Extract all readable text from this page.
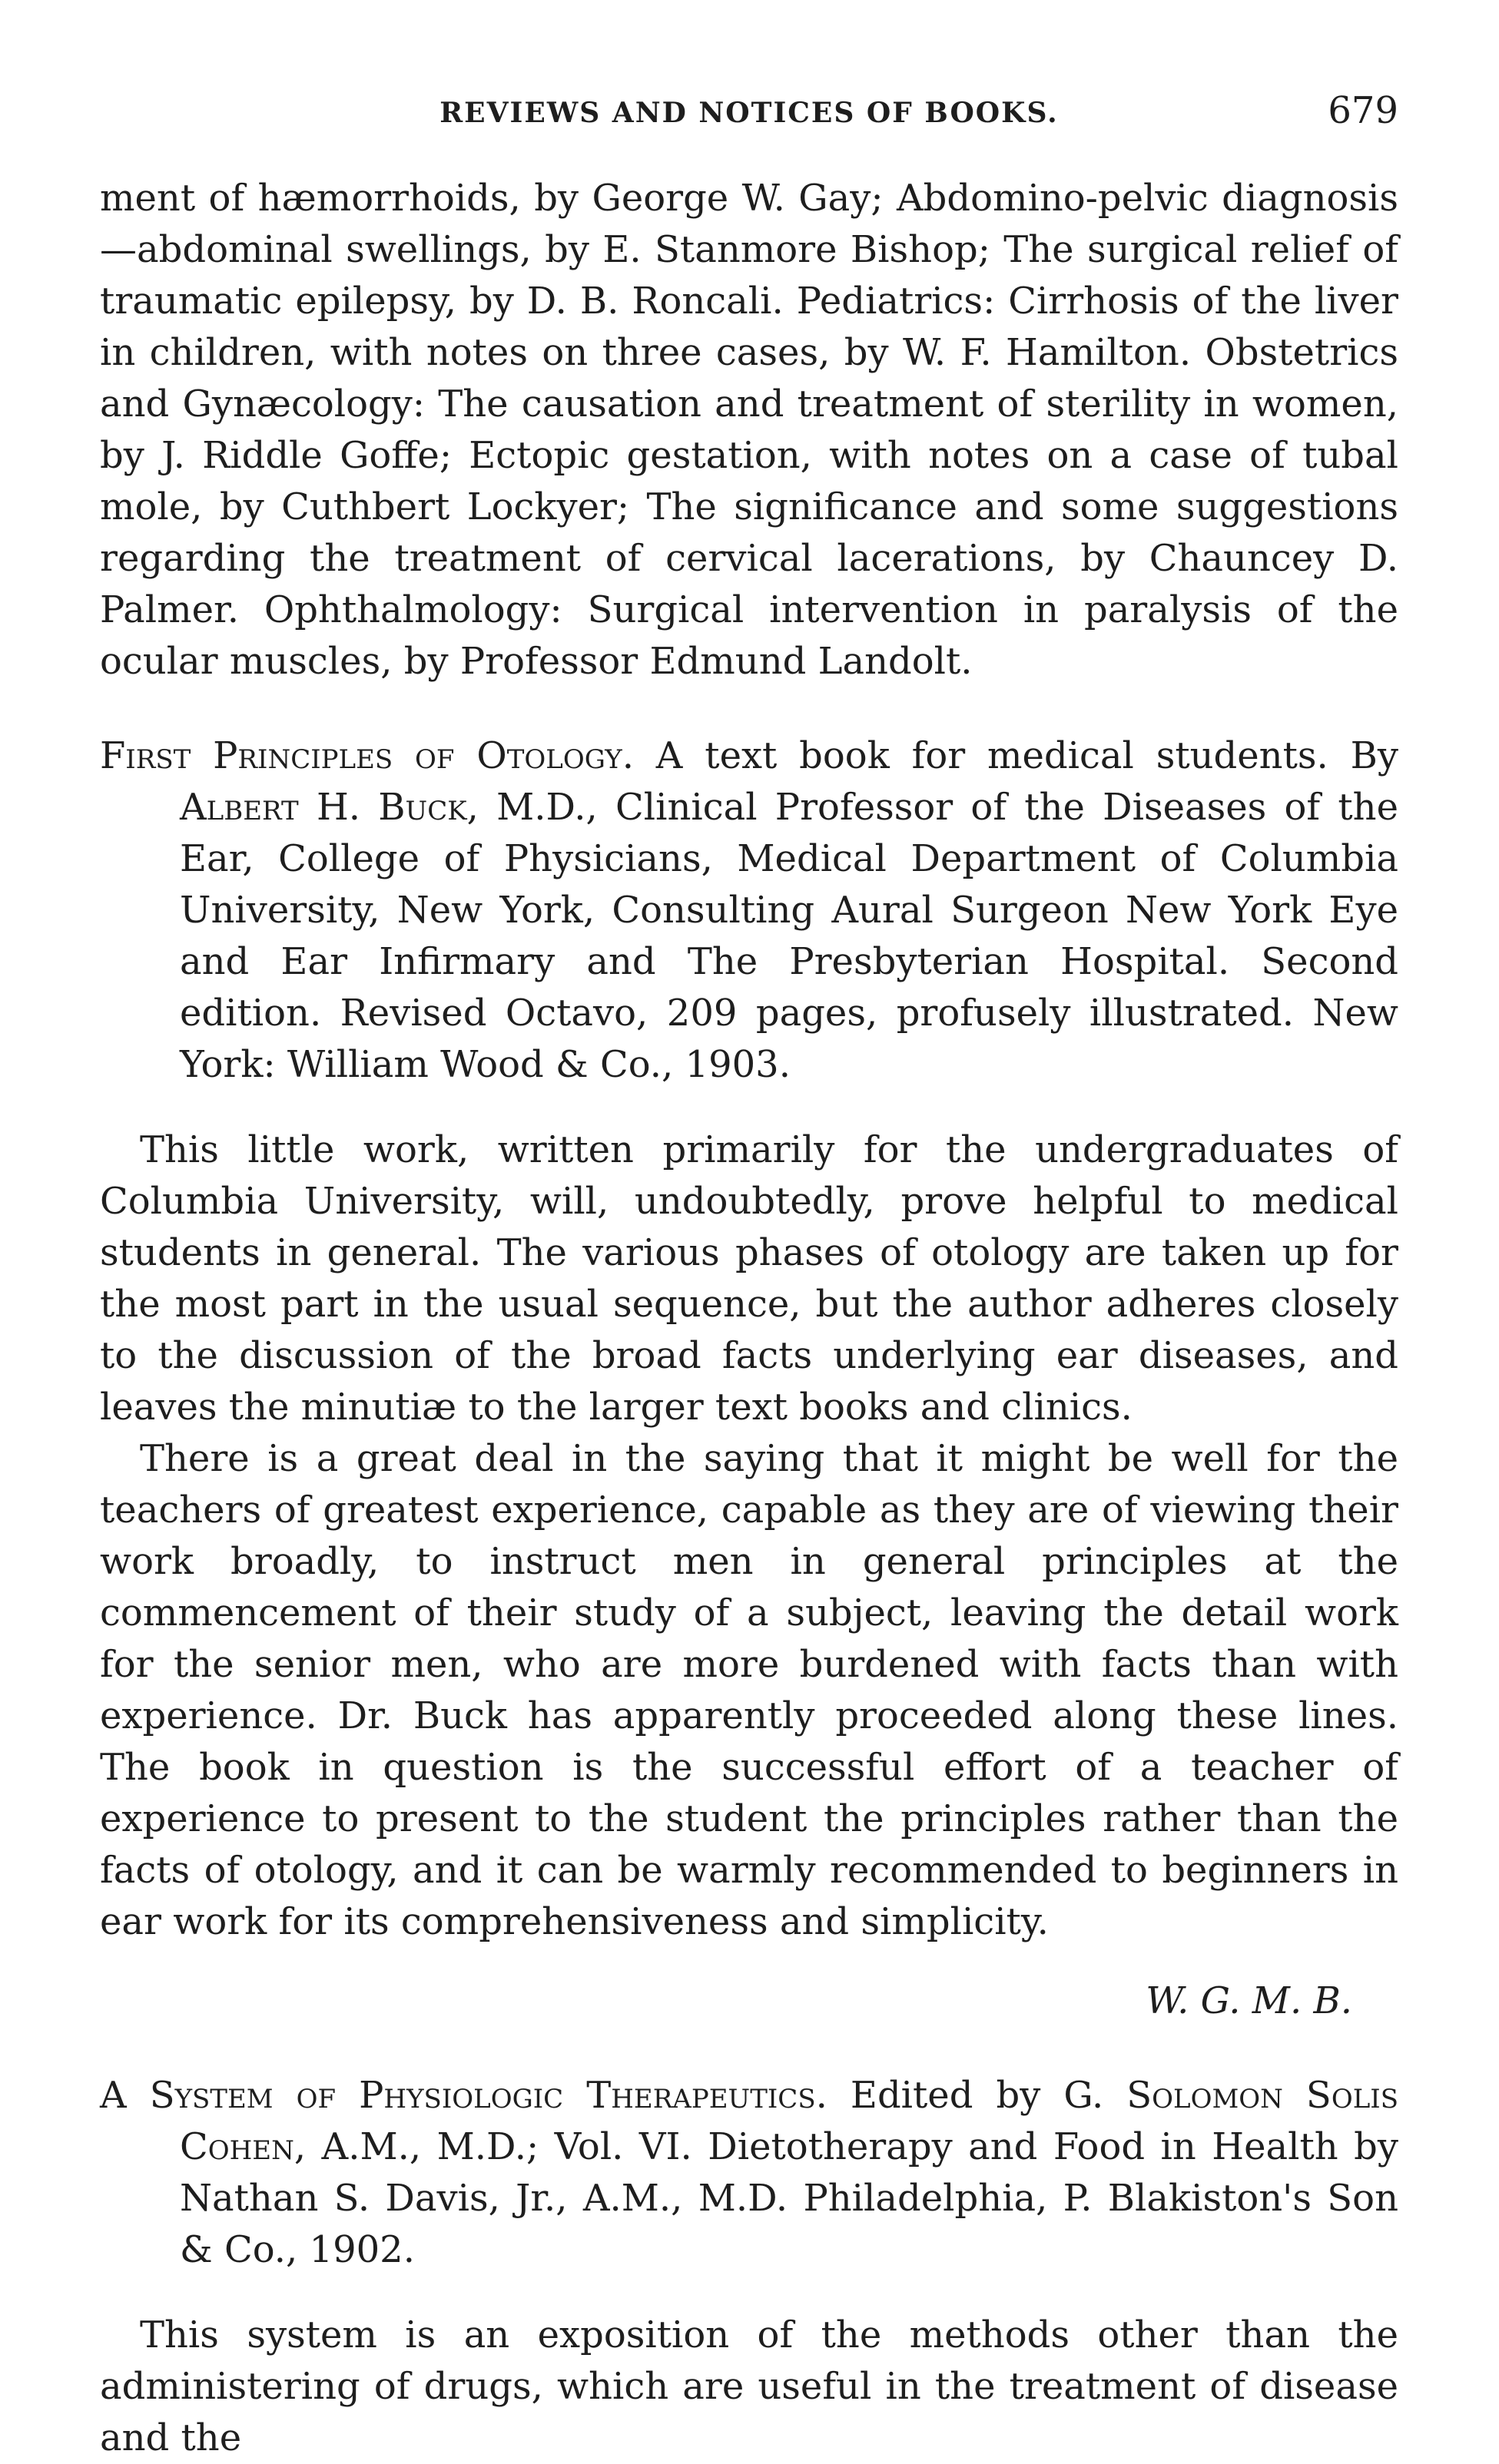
REVIEWS AND NOTICES OF BOOKS.	679

ment of hæmorrhoids, by George W. Gay; Abdomino-pelvic diagnosis—abdominal swellings, by E. Stanmore Bishop; The surgical relief of traumatic epilepsy, by D. B. Roncali. Pediatrics: Cirrhosis of the liver in children, with notes on three cases, by W. F. Hamilton. Obstetrics and Gynæcology: The causation and treatment of sterility in women, by J. Riddle Goffe; Ectopic gestation, with notes on a case of tubal mole, by Cuthbert Lockyer; The significance and some suggestions regarding the treatment of cervical lacerations, by Chauncey D. Palmer. Ophthalmology: Surgical intervention in paralysis of the ocular muscles, by Professor Edmund Landolt.

First Principles of Otology. A text book for medical students. By Albert H. Buck, M.D., Clinical Professor of the Diseases of the Ear, College of Physicians, Medical Department of Columbia University, New York, Consulting Aural Surgeon New York Eye and Ear Infirmary and The Presbyterian Hospital. Second edition. Revised Octavo, 209 pages, profusely illustrated. New York: William Wood & Co., 1903.

This little work, written primarily for the undergraduates of Columbia University, will, undoubtedly, prove helpful to medical students in general. The various phases of otology are taken up for the most part in the usual sequence, but the author adheres closely to the discussion of the broad facts underlying ear diseases, and leaves the minutiæ to the larger text books and clinics.

There is a great deal in the saying that it might be well for the teachers of greatest experience, capable as they are of viewing their work broadly, to instruct men in general principles at the commencement of their study of a subject, leaving the detail work for the senior men, who are more burdened with facts than with experience. Dr. Buck has apparently proceeded along these lines. The book in question is the successful effort of a teacher of experience to present to the student the principles rather than the facts of otology, and it can be warmly recommended to beginners in ear work for its comprehensiveness and simplicity.

W. G. M. B.

A System of Physiologic Therapeutics. Edited by G. Solomon Solis Cohen, A.M., M.D.; Vol. VI. Dietotherapy and Food in Health by Nathan S. Davis, Jr., A.M., M.D. Philadelphia, P. Blakiston's Son & Co., 1902.

This system is an exposition of the methods other than the administering of drugs, which are useful in the treatment of disease and the
